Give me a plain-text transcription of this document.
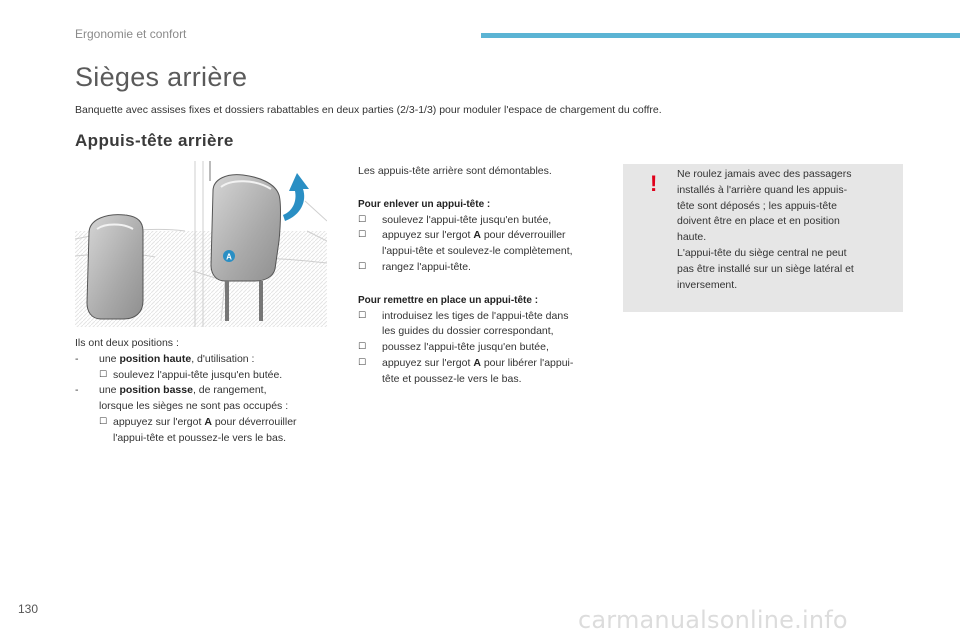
Ergonomie et confort
Sièges arrière
Banquette avec assises fixes et dossiers rabattables en deux parties (2/3-1/3) pour moduler l'espace de chargement du coffre.
Appuis-tête arrière
A
Ils ont deux positions :
- une position haute, d'utilisation :
☐ soulevez l'appui-tête jusqu'en butée.
- une position basse, de rangement,
lorsque les sièges ne sont pas occupés :
☐ appuyez sur l'ergot A pour déverrouiller
l'appui-tête et poussez-le vers le bas.
Les appuis-tête arrière sont démontables.
Pour enlever un appui-tête :
☐ soulevez l'appui-tête jusqu'en butée,
☐ appuyez sur l'ergot A pour déverrouiller
l'appui-tête et soulevez-le complètement,
☐ rangez l'appui-tête.
Pour remettre en place un appui-tête :
☐ introduisez les tiges de l'appui-tête dans
les guides du dossier correspondant,
☐ poussez l'appui-tête jusqu'en butée,
☐ appuyez sur l'ergot A pour libérer l'appui-
tête et poussez-le vers le bas.
! Ne roulez jamais avec des passagers
installés à l'arrière quand les appuis-
tête sont déposés ; les appuis-tête
doivent être en place et en position
haute.
L'appui-tête du siège central ne peut
pas être installé sur un siège latéral et
inversement.
130	carmanualsonline.info
